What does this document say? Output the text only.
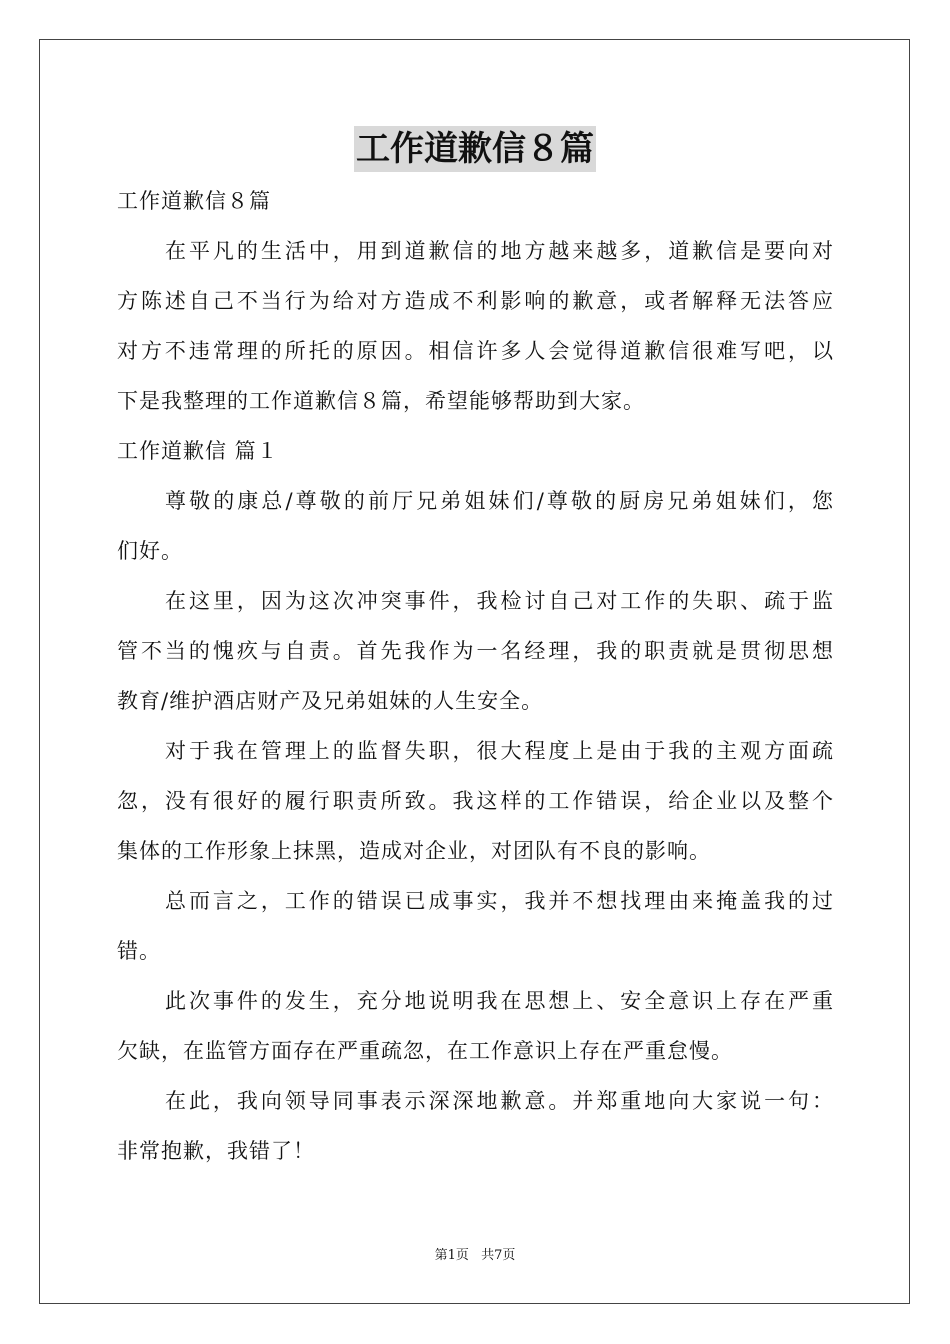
工作道歉信８篇
工作道歉信８篇
在平凡的生活中，用到道歉信的地方越来越多，道歉信是要向对
方陈述自己不当行为给对方造成不利影响的歉意，或者解释无法答应
对方不违常理的所托的原因。相信许多人会觉得道歉信很难写吧，以
下是我整理的工作道歉信８篇，希望能够帮助到大家。
工作道歉信 篇１
尊敬的康总/尊敬的前厅兄弟姐妹们/尊敬的厨房兄弟姐妹们，您
们好。
在这里，因为这次冲突事件，我检讨自己对工作的失职、疏于监
管不当的愧疚与自责。首先我作为一名经理，我的职责就是贯彻思想
教育/维护酒店财产及兄弟姐妹的人生安全。
对于我在管理上的监督失职，很大程度上是由于我的主观方面疏
忽，没有很好的履行职责所致。我这样的工作错误，给企业以及整个
集体的工作形象上抹黑，造成对企业，对团队有不良的影响。
总而言之，工作的错误已成事实，我并不想找理由来掩盖我的过
错。
此次事件的发生，充分地说明我在思想上、安全意识上存在严重
欠缺，在监管方面存在严重疏忽，在工作意识上存在严重怠慢。
在此，我向领导同事表示深深地歉意。并郑重地向大家说一句：
非常抱歉，我错了！
第1页 共7页
